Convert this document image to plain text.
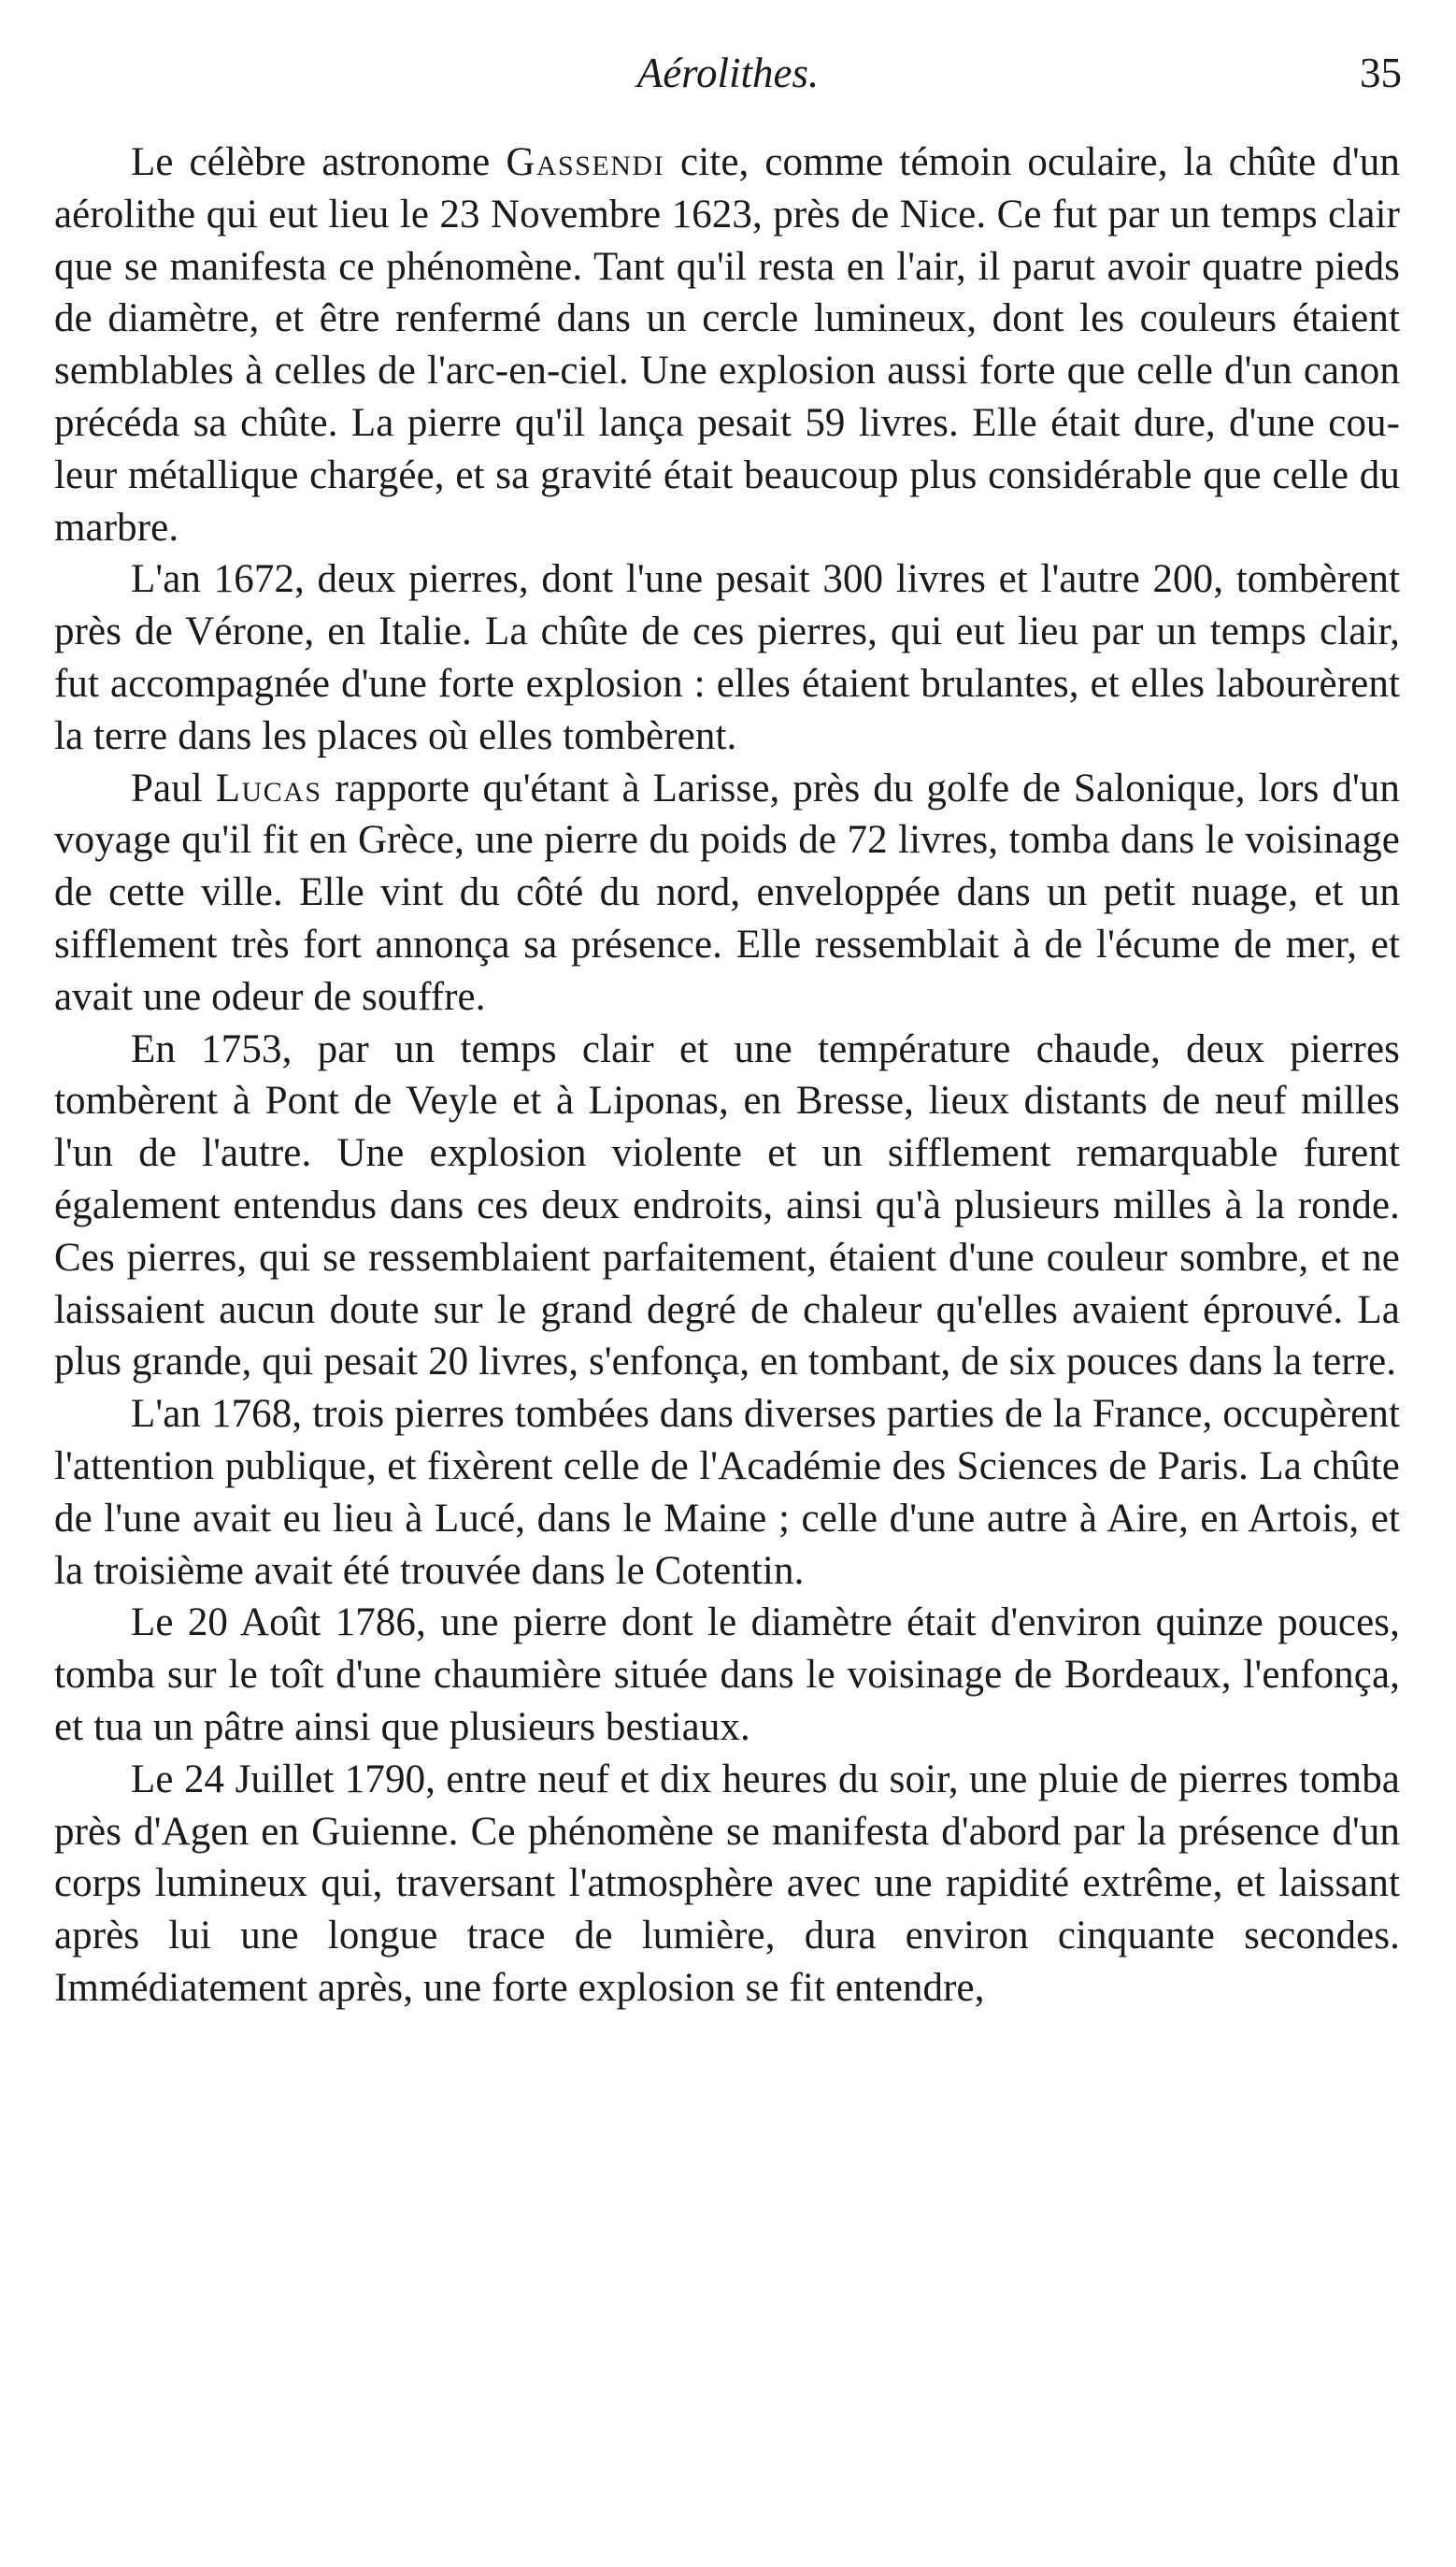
Aérolithes.	35

Le célèbre astronome Gassendi cite, comme témoin oculaire, la chûte d'un aérolithe qui eut lieu le 23 Novembre 1623, près de Nice. Ce fut par un temps clair que se manifesta ce phénomène. Tant qu'il resta en l'air, il parut avoir quatre pieds de diamètre, et être renfermé dans un cercle lumineux, dont les couleurs étaient semblables à celles de l'arc-en-ciel. Une explosion aussi forte que celle d'un canon précéda sa chûte. La pierre qu'il lança pesait 59 livres. Elle était dure, d'une couleur métallique chargée, et sa gravité était beaucoup plus considérable que celle du marbre.

L'an 1672, deux pierres, dont l'une pesait 300 livres et l'autre 200, tombèrent près de Vérone, en Italie. La chûte de ces pierres, qui eut lieu par un temps clair, fut accompagnée d'une forte explosion : elles étaient brulantes, et elles labourèrent la terre dans les places où elles tombèrent.

Paul Lucas rapporte qu'étant à Larisse, près du golfe de Salonique, lors d'un voyage qu'il fit en Grèce, une pierre du poids de 72 livres, tomba dans le voisinage de cette ville. Elle vint du côté du nord, enveloppée dans un petit nuage, et un sifflement très fort annonça sa présence. Elle ressemblait à de l'écume de mer, et avait une odeur de souffre.

En 1753, par un temps clair et une température chaude, deux pierres tombèrent à Pont de Veyle et à Liponas, en Bresse, lieux distants de neuf milles l'un de l'autre. Une explosion violente et un sifflement remarquable furent également entendus dans ces deux endroits, ainsi qu'à plusieurs milles à la ronde. Ces pierres, qui se ressemblaient parfaitement, étaient d'une couleur sombre, et ne laissaient aucun doute sur le grand degré de chaleur qu'elles avaient éprouvé. La plus grande, qui pesait 20 livres, s'enfonça, en tombant, de six pouces dans la terre.

L'an 1768, trois pierres tombées dans diverses parties de la France, occupèrent l'attention publique, et fixèrent celle de l'Académie des Sciences de Paris. La chûte de l'une avait eu lieu à Lucé, dans le Maine ; celle d'une autre à Aire, en Artois, et la troisième avait été trouvée dans le Cotentin.

Le 20 Août 1786, une pierre dont le diamètre était d'environ quinze pouces, tomba sur le toît d'une chaumière située dans le voisinage de Bordeaux, l'enfonça, et tua un pâtre ainsi que plusieurs bestiaux.

Le 24 Juillet 1790, entre neuf et dix heures du soir, une pluie de pierres tomba près d'Agen en Guienne. Ce phénomène se manifesta d'abord par la présence d'un corps lumineux qui, traversant l'atmosphère avec une rapidité extrême, et laissant après lui une longue trace de lumière, dura environ cinquante secondes. Immédiatement après, une forte explosion se fit entendre,
